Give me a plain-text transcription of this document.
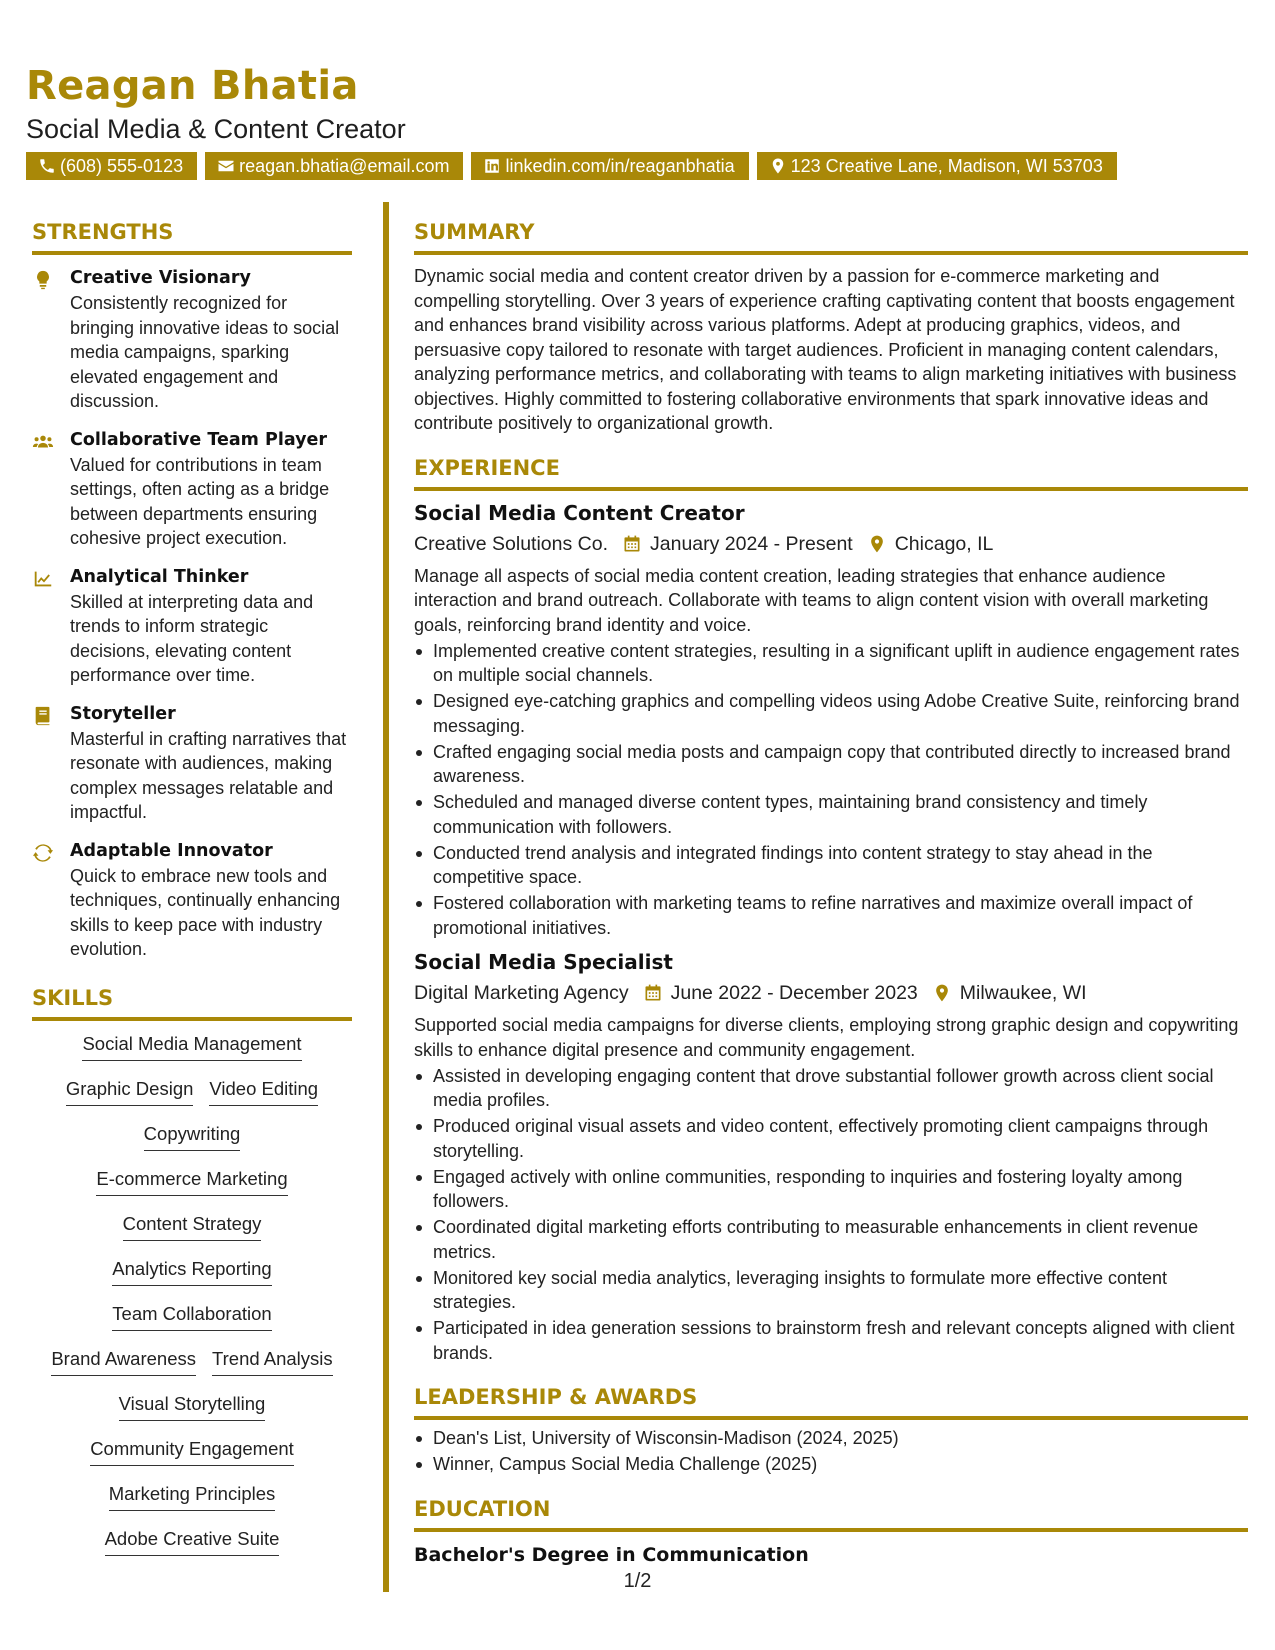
Reagan Bhatia
Social Media & Content Creator
(608) 555-0123	reagan.bhatia@email.com	linkedin.com/in/reaganbhatia	123 Creative Lane, Madison, WI 53703
STRENGTHS
Creative Visionary
Consistently recognized for bringing innovative ideas to social media campaigns, sparking elevated engagement and discussion.
Collaborative Team Player
Valued for contributions in team settings, often acting as a bridge between departments ensuring cohesive project execution.
Analytical Thinker
Skilled at interpreting data and trends to inform strategic decisions, elevating content performance over time.
Storyteller
Masterful in crafting narratives that resonate with audiences, making complex messages relatable and impactful.
Adaptable Innovator
Quick to embrace new tools and techniques, continually enhancing skills to keep pace with industry evolution.
SKILLS
Social Media Management
Graphic Design Video Editing
Copywriting
E-commerce Marketing
Content Strategy
Analytics Reporting
Team Collaboration
Brand Awareness Trend Analysis
Visual Storytelling
Community Engagement
Marketing Principles
Adobe Creative Suite
SUMMARY
Dynamic social media and content creator driven by a passion for e-commerce marketing and compelling storytelling. Over 3 years of experience crafting captivating content that boosts engagement and enhances brand visibility across various platforms. Adept at producing graphics, videos, and persuasive copy tailored to resonate with target audiences. Proficient in managing content calendars, analyzing performance metrics, and collaborating with teams to align marketing initiatives with business objectives. Highly committed to fostering collaborative environments that spark innovative ideas and contribute positively to organizational growth.
EXPERIENCE
Social Media Content Creator
Creative Solutions Co. January 2024 - Present Chicago, IL
Manage all aspects of social media content creation, leading strategies that enhance audience interaction and brand outreach. Collaborate with teams to align content vision with overall marketing goals, reinforcing brand identity and voice.
Implemented creative content strategies, resulting in a significant uplift in audience engagement rates on multiple social channels.
Designed eye-catching graphics and compelling videos using Adobe Creative Suite, reinforcing brand messaging.
Crafted engaging social media posts and campaign copy that contributed directly to increased brand awareness.
Scheduled and managed diverse content types, maintaining brand consistency and timely communication with followers.
Conducted trend analysis and integrated findings into content strategy to stay ahead in the competitive space.
Fostered collaboration with marketing teams to refine narratives and maximize overall impact of promotional initiatives.
Social Media Specialist
Digital Marketing Agency June 2022 - December 2023 Milwaukee, WI
Supported social media campaigns for diverse clients, employing strong graphic design and copywriting skills to enhance digital presence and community engagement.
Assisted in developing engaging content that drove substantial follower growth across client social media profiles.
Produced original visual assets and video content, effectively promoting client campaigns through storytelling.
Engaged actively with online communities, responding to inquiries and fostering loyalty among followers.
Coordinated digital marketing efforts contributing to measurable enhancements in client revenue metrics.
Monitored key social media analytics, leveraging insights to formulate more effective content strategies.
Participated in idea generation sessions to brainstorm fresh and relevant concepts aligned with client brands.
LEADERSHIP & AWARDS
Dean's List, University of Wisconsin-Madison (2024, 2025)
Winner, Campus Social Media Challenge (2025)
EDUCATION
Bachelor's Degree in Communication
1/2
